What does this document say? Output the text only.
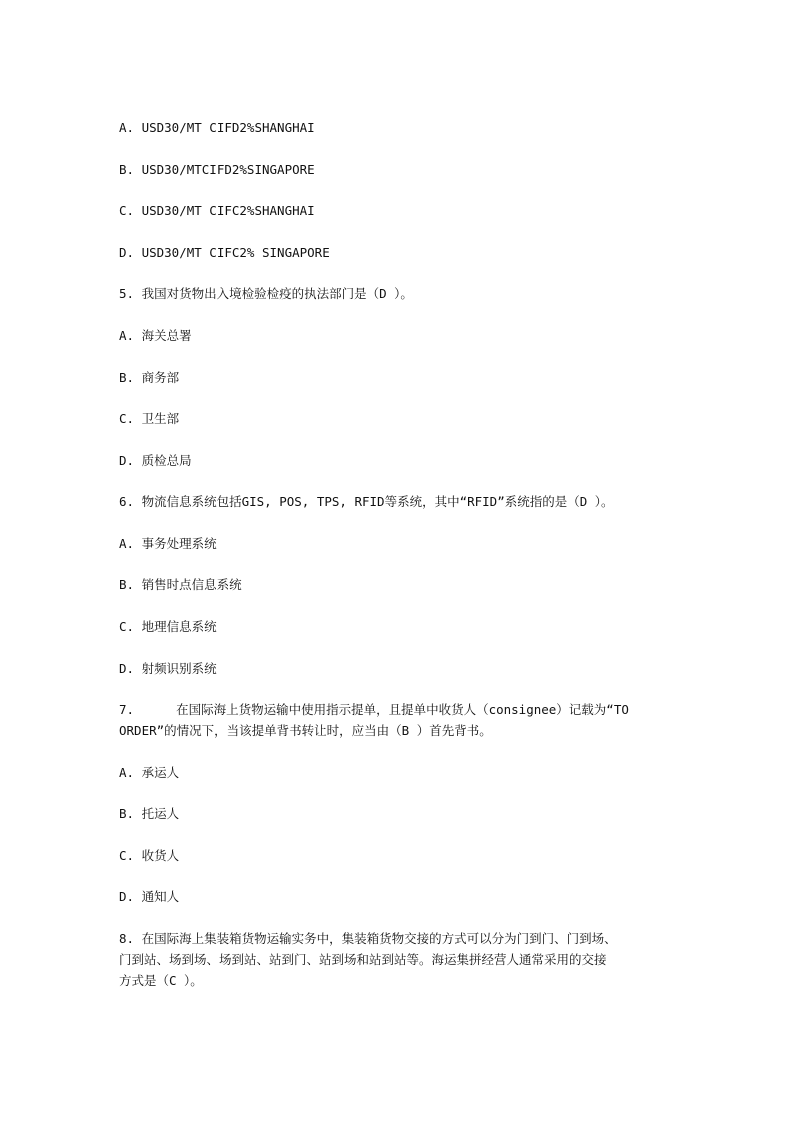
A. USD30/MT CIFD2%SHANGHAI
B. USD30/MTCIFD2%SINGAPORE
C. USD30/MT CIFC2%SHANGHAI
D. USD30/MT CIFC2% SINGAPORE
5. 我国对货物出入境检验检疫的执法部门是（D ）。
A. 海关总署
B. 商务部
C. 卫生部
D. 质检总局
6. 物流信息系统包括GIS, POS, TPS, RFID等系统，其中“RFID”系统指的是（D ）。
A. 事务处理系统
B. 销售时点信息系统
C. 地理信息系统
D. 射频识别系统
7.	在国际海上货物运输中使用指示提单，且提单中收货人（consignee）记载为“TO
ORDER”的情况下，当该提单背书转让时，应当由（B ）首先背书。
A. 承运人
B. 托运人
C. 收货人
D. 通知人
8. 在国际海上集装箱货物运输实务中，集装箱货物交接的方式可以分为门到门、门到场、
门到站、场到场、场到站、站到门、站到场和站到站等。海运集拼经营人通常采用的交接
方式是（C ）。
